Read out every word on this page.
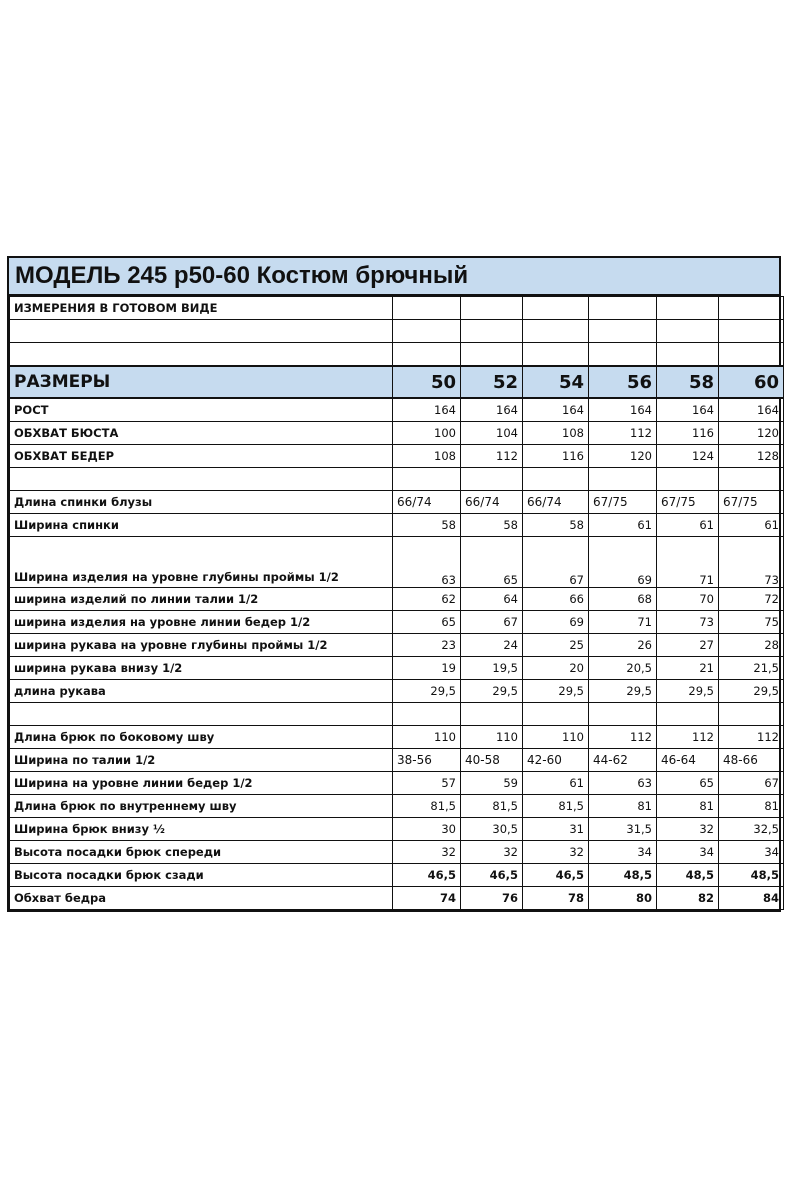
МОДЕЛЬ 245 р50-60 Костюм брючный
ИЗМЕРЕНИЯ В ГОТОВОМ ВИДЕ						

РАЗМЕРЫ	50	52	54	56	58	60
РОСТ	164	164	164	164	164	164
ОБХВАТ БЮСТА	100	104	108	112	116	120
ОБХВАТ БЕДЕР	108	112	116	120	124	128

Длина спинки блузы	66/74	66/74	66/74	67/75	67/75	67/75
Ширина спинки	58	58	58	61	61	61
Ширина изделия на уровне глубины проймы 1/2	63	65	67	69	71	73
ширина изделий по линии талии 1/2	62	64	66	68	70	72
ширина изделия на уровне линии бедер 1/2	65	67	69	71	73	75
ширина рукава на уровне глубины проймы 1/2	23	24	25	26	27	28
ширина рукава внизу 1/2	19	19,5	20	20,5	21	21,5
длина рукава	29,5	29,5	29,5	29,5	29,5	29,5

Длина брюк по боковому шву	110	110	110	112	112	112
Ширина по талии 1/2	38-56	40-58	42-60	44-62	46-64	48-66
Ширина на уровне линии бедер 1/2	57	59	61	63	65	67
Длина брюк по внутреннему шву	81,5	81,5	81,5	81	81	81
Ширина брюк внизу ½	30	30,5	31	31,5	32	32,5
Высота посадки брюк спереди	32	32	32	34	34	34
Высота посадки брюк сзади	46,5	46,5	46,5	48,5	48,5	48,5
Обхват бедра	74	76	78	80	82	84
